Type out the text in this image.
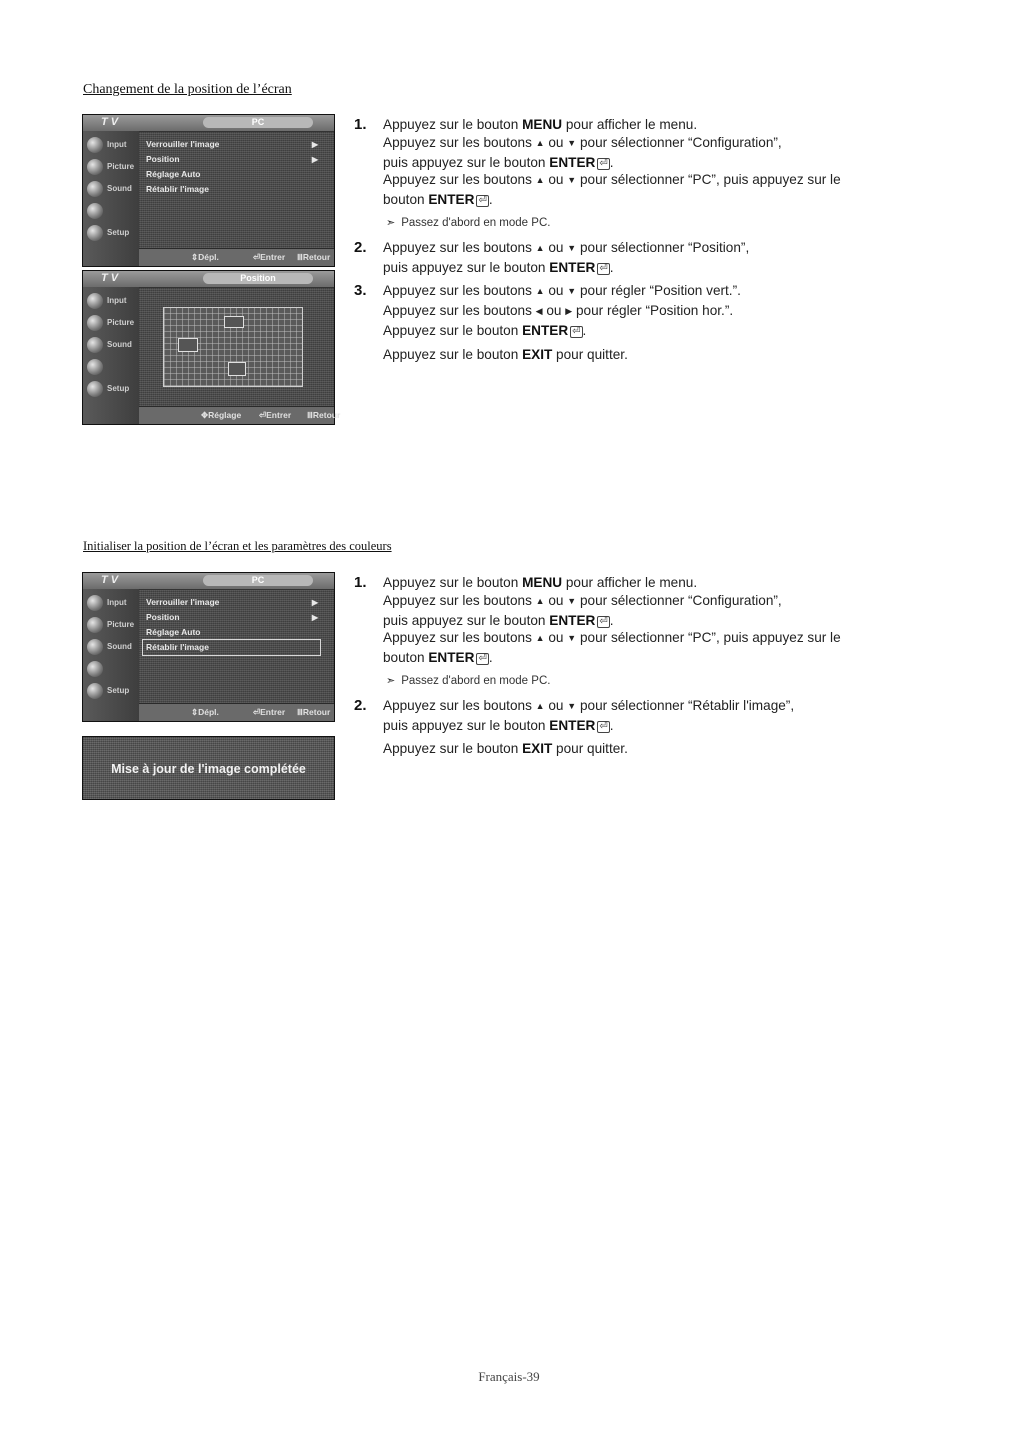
Changement de la position de l’écran
T V	PC
Input
Picture
Sound
Setup
Verrouiller l'image	▶
Position	▶
Réglage Auto
Rétablir l'image
⇕ Dépl.	⏎ Entrer Ⅲ Retour
T V	Position
Input
Picture
Sound
Setup
✥ Réglage ⏎ Entrer Ⅲ Retour
1. Appuyez sur le bouton MENU pour afficher le menu.
Appuyez sur les boutons ▲ ou ▼ pour sélectionner “Configuration”,
puis appuyez sur le bouton ENTER ⏎ .
Appuyez sur les boutons ▲ ou ▼ pour sélectionner “PC”, puis appuyez sur le
bouton ENTER ⏎ .
➣ Passez d'abord en mode PC.
2. Appuyez sur les boutons ▲ ou ▼ pour sélectionner “Position”,
puis appuyez sur le bouton ENTER ⏎ .
3. Appuyez sur les boutons ▲ ou ▼ pour régler “Position vert.”.
Appuyez sur les boutons ◀ ou ▶ pour régler “Position hor.”.
Appuyez sur le bouton ENTER ⏎ .
Appuyez sur le bouton EXIT pour quitter.
Initialiser la position de l’écran et les paramètres des couleurs
T V	PC
Input
Picture
Sound
Setup
Verrouiller l'image	▶
Position	▶
Réglage Auto
Rétablir l'image
⇕ Dépl.	⏎ Entrer Ⅲ Retour
Mise à jour de l'image complétée
1. Appuyez sur le bouton MENU pour afficher le menu.
Appuyez sur les boutons ▲ ou ▼ pour sélectionner “Configuration”,
puis appuyez sur le bouton ENTER ⏎ .
Appuyez sur les boutons ▲ ou ▼ pour sélectionner “PC”, puis appuyez sur le
bouton ENTER ⏎ .
➣ Passez d'abord en mode PC.
2. Appuyez sur les boutons ▲ ou ▼ pour sélectionner “Rétablir l'image”,
puis appuyez sur le bouton ENTER ⏎ .
Appuyez sur le bouton EXIT pour quitter.
Français-39
